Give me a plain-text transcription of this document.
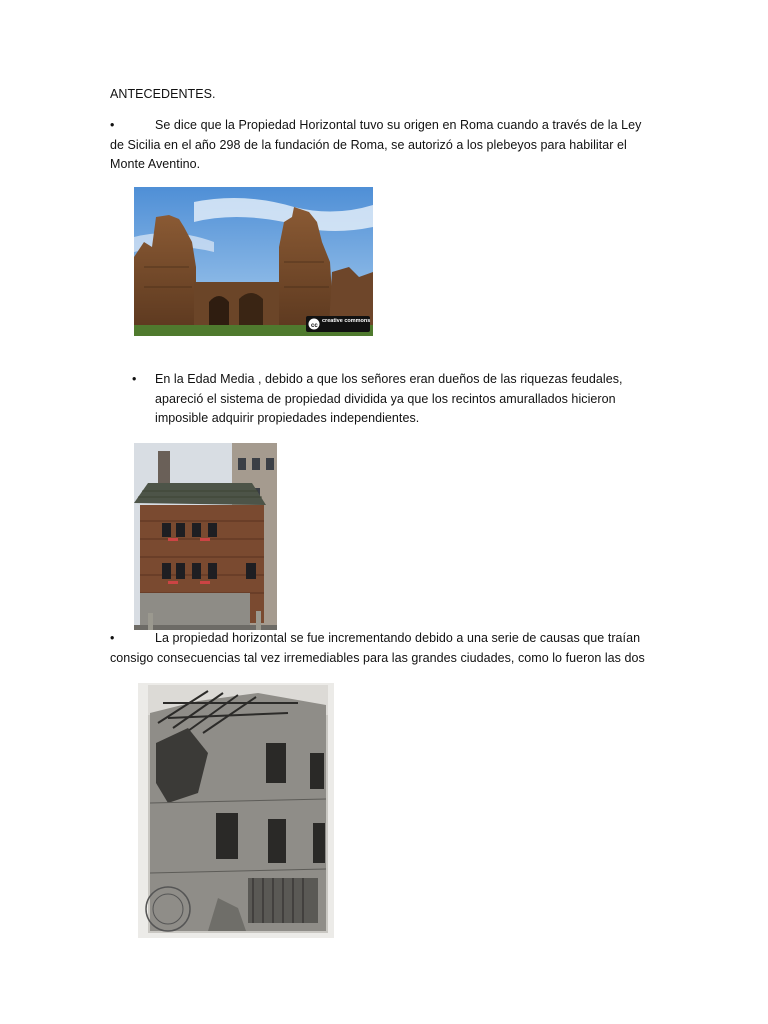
ANTECEDENTES.
•	Se dice que la Propiedad Horizontal tuvo su origen en Roma cuando a través de la Ley
de Sicilia en el año 298 de la fundación de Roma, se autorizó a los plebeyos para habilitar el Monte Aventino.
cc
creative commons
• En la Edad Media , debido a que los señores eran dueños de las riquezas feudales, apareció el sistema de propiedad dividida ya que los recintos amurallados hicieron imposible adquirir propiedades independientes.
•	La propiedad horizontal se fue incrementando debido a una serie de causas que traían
consigo consecuencias tal vez irremediables para las grandes ciudades, como lo fueron las dos
